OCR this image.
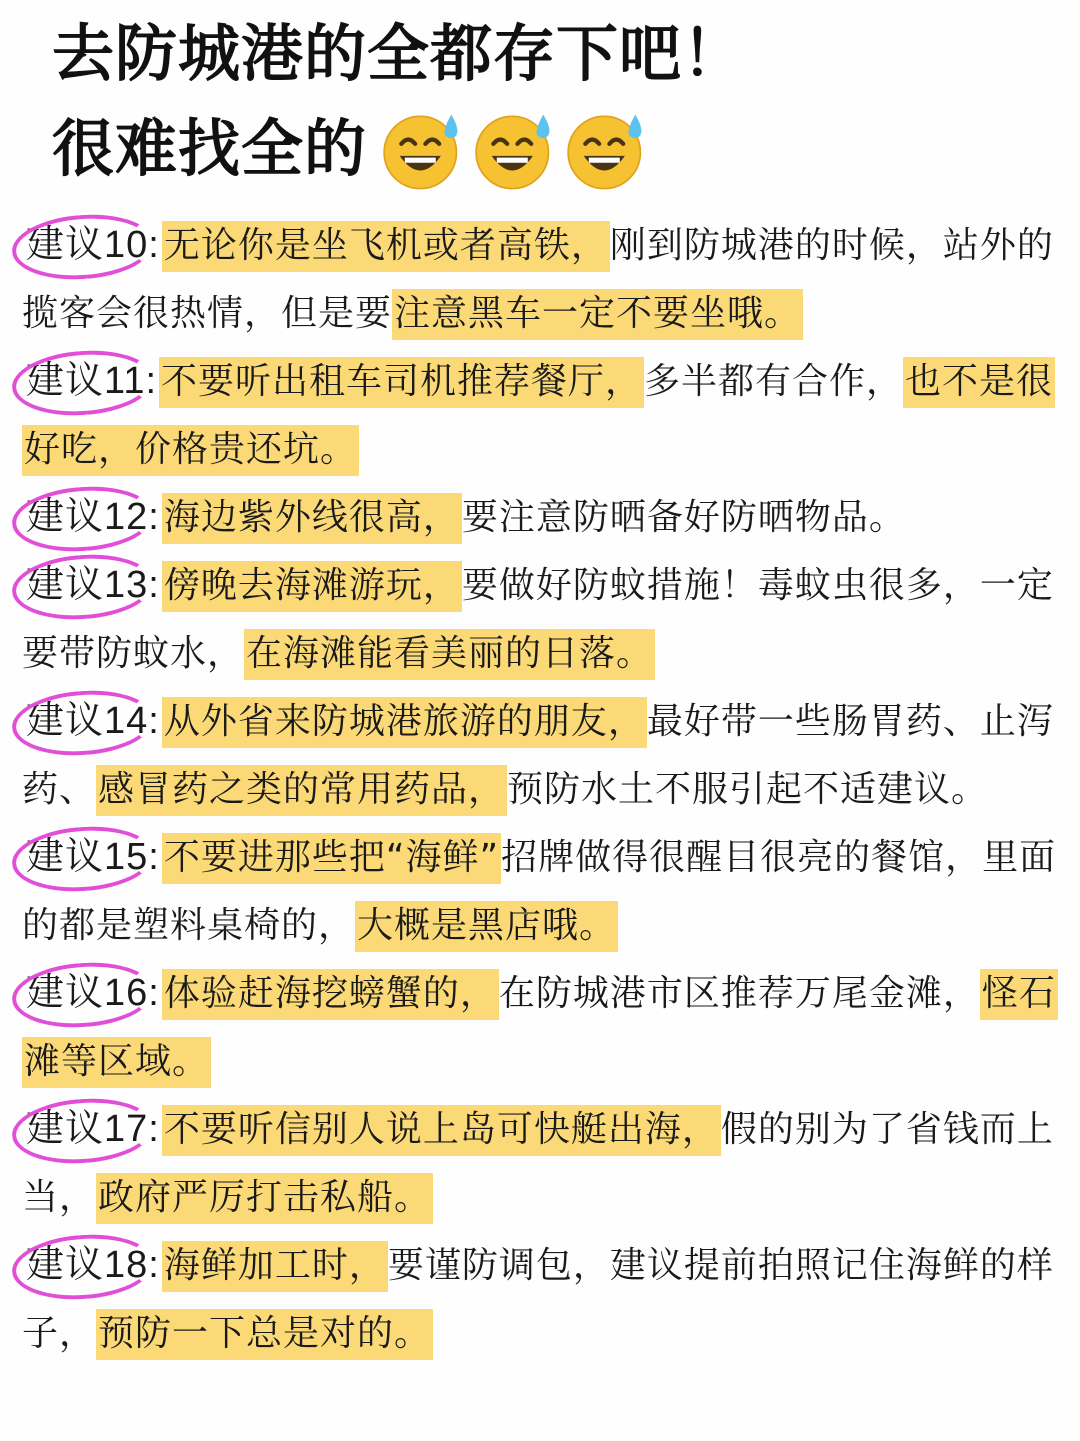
去防城港的全都存下吧！
很难找全的
建议10: 无论你是坐飞机或者高铁，刚到防城港的时候，站外的揽客会很热情，但是要注意黑车一定不要坐哦。
建议11: 不要听出租车司机推荐餐厅，多半都有合作，也不是很好吃，价格贵还坑。
建议12: 海边紫外线很高，要注意防晒备好防晒物品。
建议13: 傍晚去海滩游玩，要做好防蚊措施！毒蚊虫很多，一定要带防蚊水，在海滩能看美丽的日落。
建议14: 从外省来防城港旅游的朋友，最好带一些肠胃药、止泻药、感冒药之类的常用药品，预防水土不服引起不适建议。
建议15: 不要进那些把“海鲜”招牌做得很醒目很亮的餐馆，里面的都是塑料桌椅的，大概是黑店哦。
建议16: 体验赶海挖螃蟹的，在防城港市区推荐万尾金滩，怪石滩等区域。
建议17: 不要听信别人说上岛可快艇出海，假的别为了省钱而上当，政府严厉打击私船。
建议18: 海鲜加工时，要谨防调包，建议提前拍照记住海鲜的样子，预防一下总是对的。
